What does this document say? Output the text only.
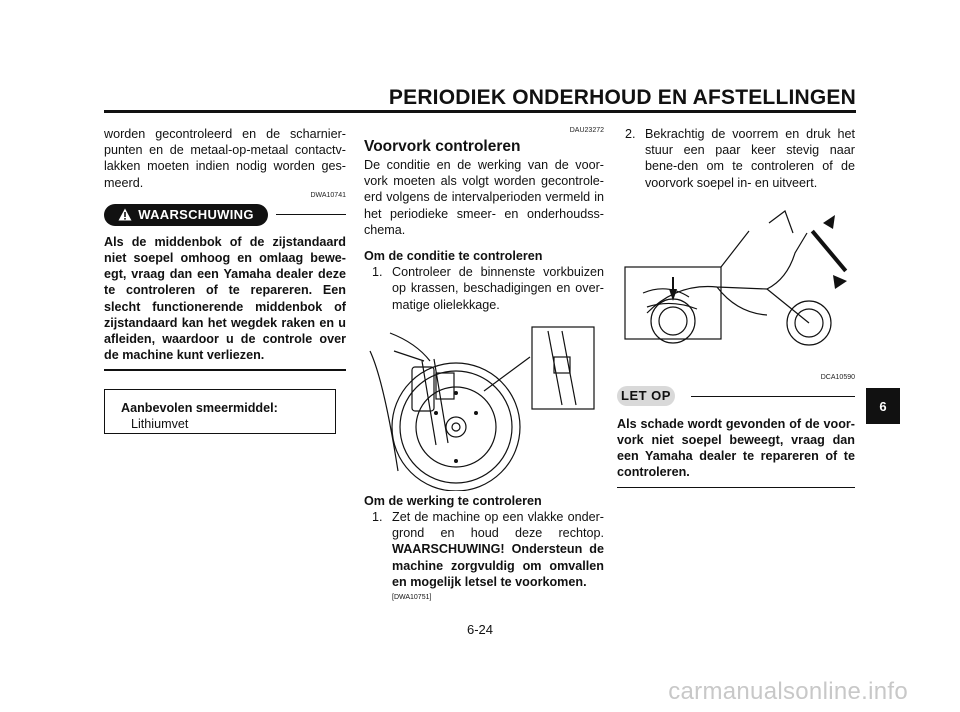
PERIODIEK ONDERHOUD EN AFSTELLINGEN

worden gecontroleerd en de scharnier-punten en de metaal-op-metaal contactv-lakken moeten indien nodig worden ges-meerd.

DWA10741
WAARSCHUWING

Als de middenbok of de zijstandaard niet soepel omhoog en omlaag bewe-egt, vraag dan een Yamaha dealer deze te controleren of te repareren. Een slecht functionerende middenbok of zijstandaard kan het wegdek raken en u afleiden, waardoor u de controle over de machine kunt verliezen.

Aanbevolen smeermiddel:
Lithiumvet
DAU23272
Voorvork controleren

De conditie en de werking van de voor-vork moeten als volgt worden gecontrole-erd volgens de intervalperioden vermeld in het periodieke smeer- en onderhoudss-chema.

Om de conditie te controleren
1. Controleer de binnenste vorkbuizen op krassen, beschadigingen en over-matige olielekkage.
Om de werking te controleren
1. Zet de machine op een vlakke onder-grond en houd deze rechtop. WAARSCHUWING! Ondersteun de machine zorgvuldig om omvallen en mogelijk letsel te voorkomen.
[DWA10751]
2. Bekrachtig de voorrem en druk het stuur een paar keer stevig naar bene-den om te controleren of de voorvork soepel in- en uitveert.
DCA10590
LET OP

Als schade wordt gevonden of de voor-vork niet soepel beweegt, vraag dan een Yamaha dealer te repareren of te controleren.

6
6-24
carmanualsonline.info
